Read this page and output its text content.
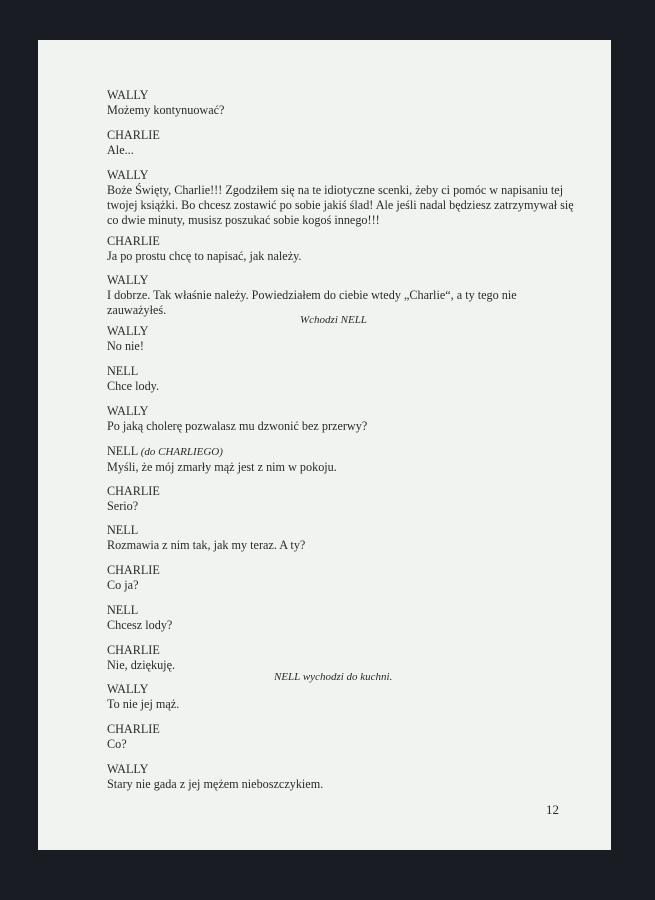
WALLY
Możemy kontynuować?
CHARLIE
Ale...
WALLY
Boże Święty, Charlie!!! Zgodziłem się na te idiotyczne scenki, żeby ci pomóc w napisaniu tej
twojej książki. Bo chcesz zostawić po sobie jakiś ślad! Ale jeśli nadal będziesz zatrzymywał się
co dwie minuty, musisz poszukać sobie kogoś innego!!!
CHARLIE
Ja po prostu chcę to napisać, jak należy.
WALLY
I dobrze. Tak właśnie należy. Powiedziałem do ciebie wtedy „Charlie“, a ty tego nie zauważyłeś.
Wchodzi NELL
WALLY
No nie!
NELL
Chce lody.
WALLY
Po jaką cholerę pozwalasz mu dzwonić bez przerwy?
NELL (do CHARLIEGO)
Myśli, że mój zmarły mąż jest z nim w pokoju.
CHARLIE
Serio?
NELL
Rozmawia z nim tak, jak my teraz. A ty?
CHARLIE
Co ja?
NELL
Chcesz lody?
CHARLIE
Nie, dziękuję.
NELL wychodzi do kuchni.
WALLY
To nie jej mąż.
CHARLIE
Co?
WALLY
Stary nie gada z jej mężem nieboszczykiem.
12
